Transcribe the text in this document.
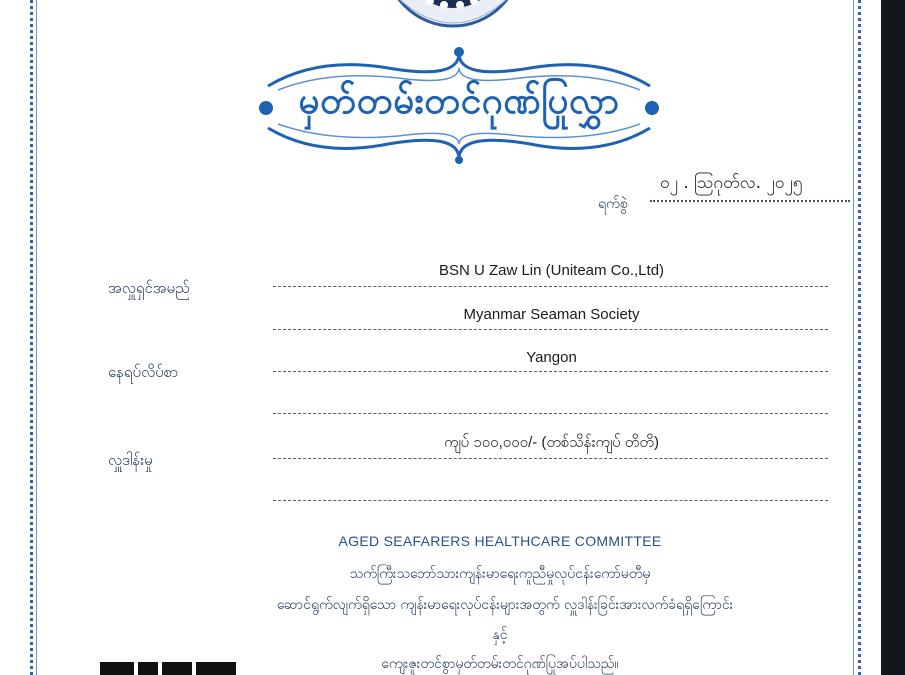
မှတ်တမ်းတင်ဂုဏ်ပြုလွှာ
၀၂ . ဩဂုတ်လ. ၂၀၂၅
ရက်စွဲ
အလှူရှင်အမည်
BSN U Zaw Lin (Uniteam Co.,Ltd)
Myanmar Seaman Society
နေရပ်လိပ်စာ
Yangon
လှူဒါန်းမှု
ကျပ် ၁၀၀,၀၀၀/- (တစ်သိန်းကျပ် တိတိ)
AGED SEAFARERS HEALTHCARE COMMITTEE
သက်ကြီးသဘော်သားကျန်းမာရေးကူညီမှုလုပ်ငန်းကော်မတီမှ
ဆောင်ရွက်လျက်ရှိသော ကျန်းမာရေးလုပ်ငန်းများအတွက် လှူဒါန်းခြင်းအားလက်ခံရရှိကြောင်း
နှင့်
ကျေးဇူးတင်စွာမှတ်တမ်းတင်ဂုဏ်ပြုအပ်ပါသည်။
